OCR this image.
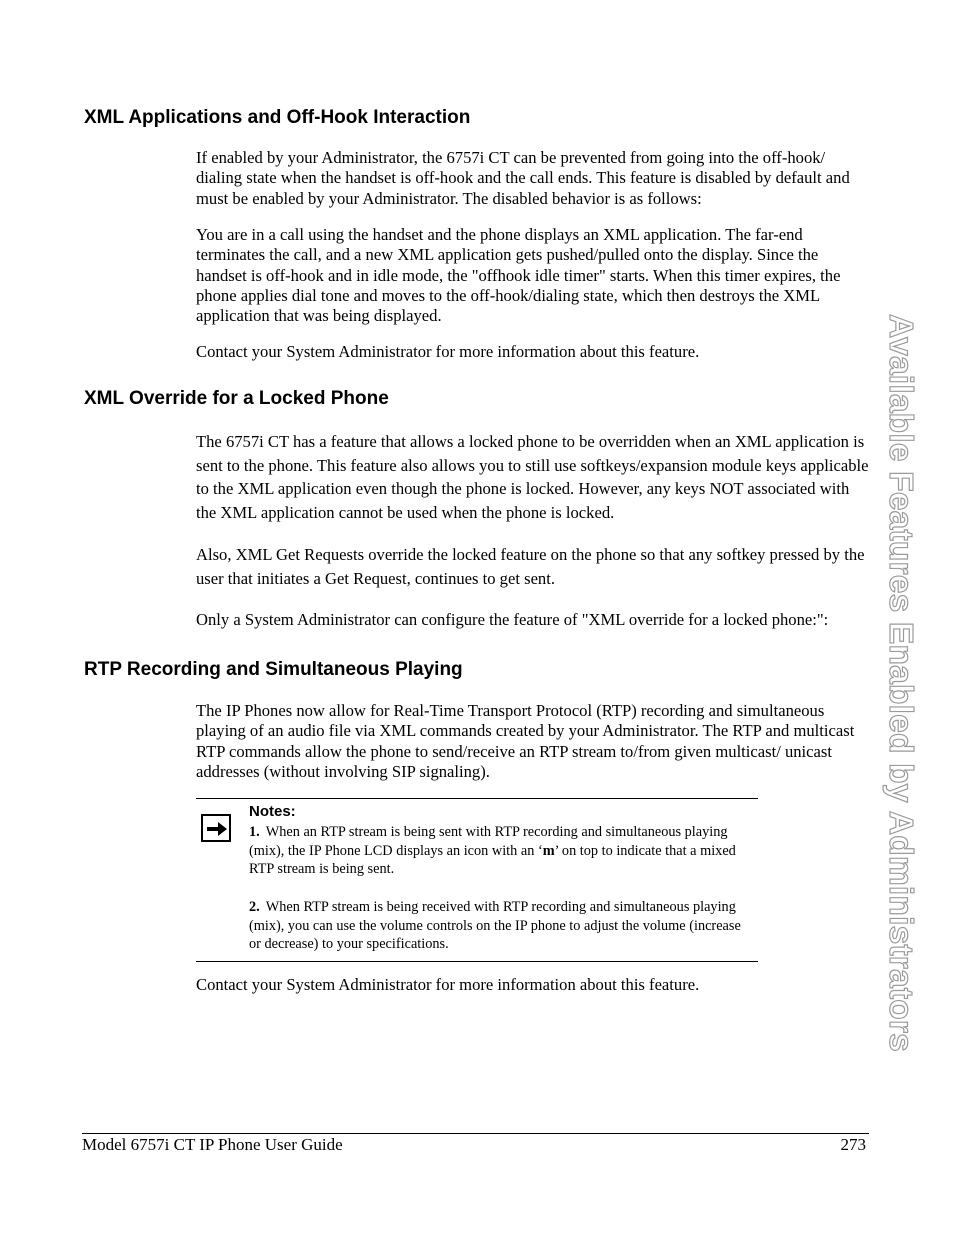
XML Applications and Off-Hook Interaction

If enabled by your Administrator, the 6757i CT can be prevented from going into the off-hook/ dialing state when the handset is off-hook and the call ends. This feature is disabled by default and must be enabled by your Administrator. The disabled behavior is as follows:

You are in a call using the handset and the phone displays an XML application. The far-end terminates the call, and a new XML application gets pushed/pulled onto the display. Since the handset is off-hook and in idle mode, the "offhook idle timer" starts. When this timer expires, the phone applies dial tone and moves to the off-hook/dialing state, which then destroys the XML application that was being displayed.

Contact your System Administrator for more information about this feature.

XML Override for a Locked Phone

The 6757i CT has a feature that allows a locked phone to be overridden when an XML application is sent to the phone. This feature also allows you to still use softkeys/expansion module keys applicable to the XML application even though the phone is locked. However, any keys NOT associated with the XML application cannot be used when the phone is locked.

Also, XML Get Requests override the locked feature on the phone so that any softkey pressed by the user that initiates a Get Request, continues to get sent.

Only a System Administrator can configure the feature of "XML override for a locked phone:":

RTP Recording and Simultaneous Playing

The IP Phones now allow for Real-Time Transport Protocol (RTP) recording and simultaneous playing of an audio file via XML commands created by your Administrator. The RTP and multicast RTP commands allow the phone to send/receive an RTP stream to/from given multicast/ unicast addresses (without involving SIP signaling).

Notes:
1. When an RTP stream is being sent with RTP recording and simultaneous playing (mix), the IP Phone LCD displays an icon with an ‘m’ on top to indicate that a mixed RTP stream is being sent.
2. When RTP stream is being received with RTP recording and simultaneous playing (mix), you can use the volume controls on the IP phone to adjust the volume (increase or decrease) to your specifications.

Contact your System Administrator for more information about this feature.	Available Features Enabled by Administrators
Model 6757i CT IP Phone User Guide	273
